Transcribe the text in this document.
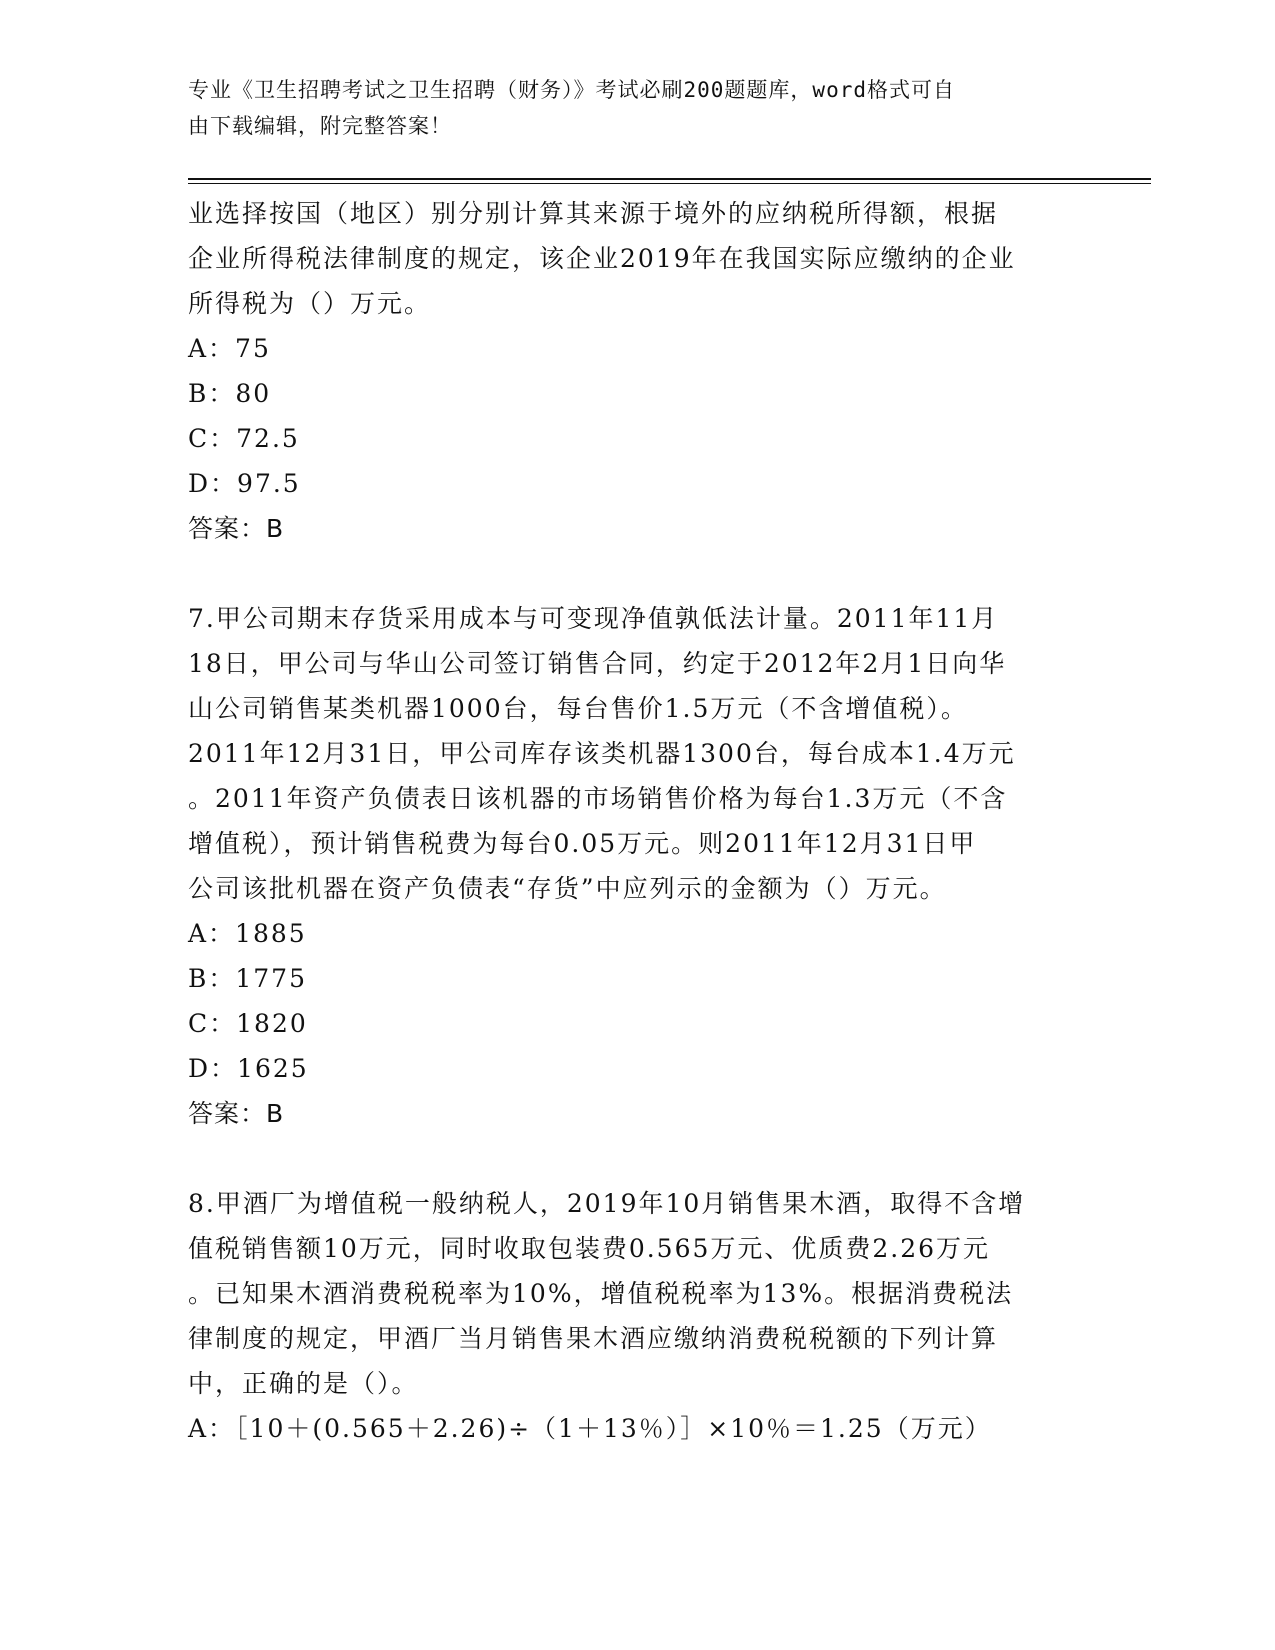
专业《卫生招聘考试之卫生招聘（财务）》考试必刷200题题库，word格式可自
由下载编辑，附完整答案！

业选择按国（地区）别分别计算其来源于境外的应纳税所得额，根据

企业所得税法律制度的规定，该企业2019年在我国实际应缴纳的企业

所得税为（）万元。

A：75

B：80

C：72.5

D：97.5

答案：B

7.甲公司期末存货采用成本与可变现净值孰低法计量。2011年11月

18日，甲公司与华山公司签订销售合同，约定于2012年2月1日向华

山公司销售某类机器1000台，每台售价1.5万元（不含增值税）。

2011年12月31日，甲公司库存该类机器1300台，每台成本1.4万元

。2011年资产负债表日该机器的市场销售价格为每台1.3万元（不含

增值税），预计销售税费为每台0.05万元。则2011年12月31日甲

公司该批机器在资产负债表“存货”中应列示的金额为（）万元。

A：1885

B：1775

C：1820

D：1625

答案：B

8.甲酒厂为增值税一般纳税人，2019年10月销售果木酒，取得不含增

值税销售额10万元，同时收取包装费0.565万元、优质费2.26万元

。已知果木酒消费税税率为10%，增值税税率为13%。根据消费税法

律制度的规定，甲酒厂当月销售果木酒应缴纳消费税税额的下列计算

中，正确的是（）。

A：［10＋(0.565＋2.26)÷（1＋13％）］×10％＝1.25（万元）
